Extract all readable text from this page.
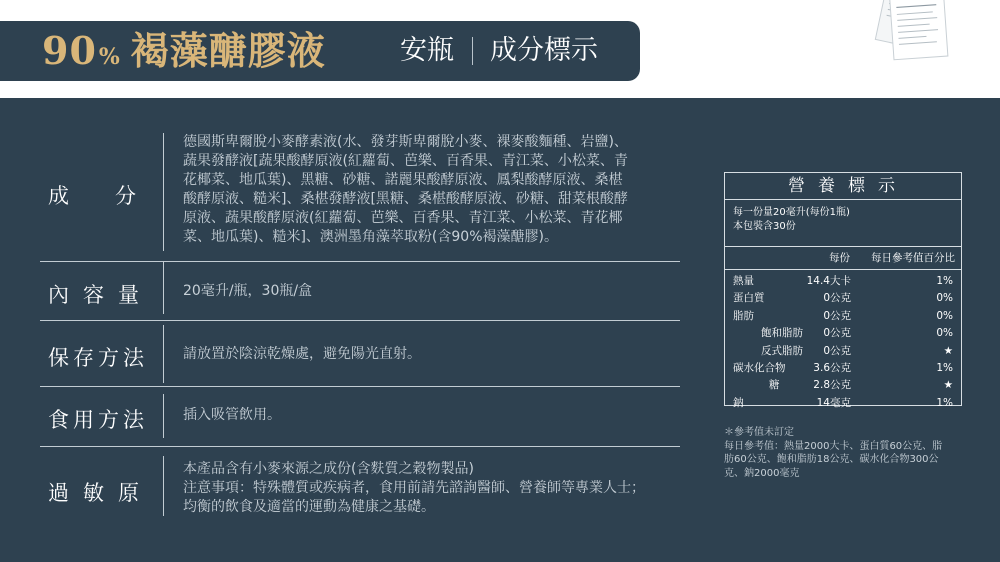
90% 褐藻醣膠液	安瓶 成分標示
成分
德國斯卑爾脫小麥酵素液(水、發芽斯卑爾脫小麥、裸麥酸麵種、岩鹽)、
蔬果發酵液[蔬果酸酵原液(紅蘿蔔、芭樂、百香果、青江菜、小松菜、青
花椰菜、地瓜葉)、黑糖、砂糖、諾麗果酸酵原液、鳳梨酸酵原液、桑椹
酸酵原液、糙米]、桑椹發酵液[黑糖、桑椹酸酵原液、砂糖、甜菜根酸酵
原液、蔬果酸酵原液(紅蘿蔔、芭樂、百香果、青江菜、小松菜、青花椰
菜、地瓜葉)、糙米]、澳洲墨角藻萃取粉(含90%褐藻醣膠)。
內容量 20毫升/瓶，30瓶/盒
保存方法	請放置於陰涼乾燥處，避免陽光直射。
食用方法	插入吸管飲用。
過敏原
本產品含有小麥來源之成份(含麩質之穀物製品)
注意事項：特殊體質或疾病者，食用前請先諮詢醫師、營養師等專業人士；
均衡的飲食及適當的運動為健康之基礎。
營養標示
每一份量20毫升(每份1瓶)
本包裝含30份
每份 每日參考值百分比
熱量	14.4大卡	1%
蛋白質	0公克	0%
脂肪	0公克	0%
飽和脂肪 0公克	0%
反式脂肪 0公克	★
碳水化合物	3.6公克	1%
糖	2.8公克	★
鈉	14毫克	1%
＊參考值未訂定
每日參考值：熱量2000大卡、蛋白質60公克、脂
肪60公克、飽和脂肪18公克、碳水化合物300公
克、鈉2000毫克
